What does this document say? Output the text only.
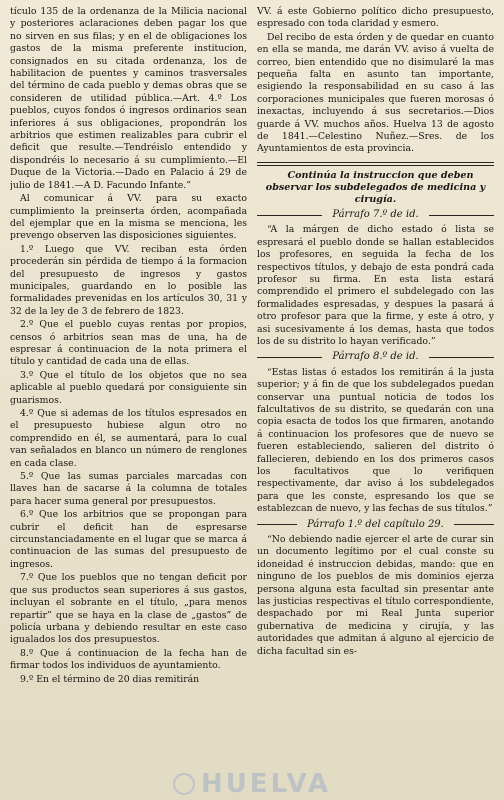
tículo 135 de la ordenanza de la Milicia nacional y posteriores aclaraciones deben pagar los que no sirven en sus filas; y en el de obligaciones los gastos de la misma preferente institucion, consignados en su citada ordenanza, los de habilitacion de puentes y caminos trasversales del término de cada pueblo y demas obras que se consideren de utilidad pública.—Art. 4.º Los pueblos, cuyos fondos ó ingresos ordinarios sean inferiores á sus obligaciones, propondrán los arbitrios que estimen realizables para cubrir el deficit que resulte.—Tendréislo entendido y dispondréis lo necesario á su cumplimiento.—El Duque de la Victoria.—Dado en Palacio á 29 de julio de 1841.—A D. Facundo Infante.”

Al comunicar á VV. para su exacto cumplimiento la preinserta órden, acompañada del ejemplar que en la misma se menciona, les prevengo observen las disposiciones siguientes.

1.º Luego que VV. reciban esta órden procederán sin pérdida de tiempo á la formacion del presupuesto de ingresos y gastos municipales, guardando en lo posible las formalidades prevenidas en los artículos 30, 31 y 32 de la ley de 3 de febrero de 1823.

2.º Que el pueblo cuyas rentas por propios, censos ó arbitrios sean mas de una, ha de espresar á continuacion de la nota primera el título y cantidad de cada una de ellas.

3.º Que el título de los objetos que no sea aplicable al pueblo quedará por consiguiente sin guarismos.

4.º Que si ademas de los títulos espresados en el presupuesto hubiese algun otro no comprendido en él, se aumentará, para lo cual van señalados en blanco un número de renglones en cada clase.

5.º Que las sumas parciales marcadas con llaves han de sacarse á la columna de totales para hacer suma general por presupuestos.

6.º Que los arbitrios que se propongan para cubrir el deficit han de espresarse circunstanciadamente en el lugar que se marca á continuacion de las sumas del presupuesto de ingresos.

7.º Que los pueblos que no tengan deficit por que sus productos sean superiores á sus gastos, incluyan el sobrante en el título, „para menos repartir” que se haya en la clase de „gastos” de policía urbana y debiendo resultar en este caso igualados los dos presupuestos.

8.º Que á continuacion de la fecha han de firmar todos los individuos de ayuntamiento.

9.º En el término de 20 dias remitirán

VV. á este Gobierno político dicho presupuesto, espresado con toda claridad y esmero.

Del recibo de esta órden y de quedar en cuanto en ella se manda, me darán VV. aviso á vuelta de correo, bien entendido que no disimularé la mas pequeña falta en asunto tan importante, esigiendo la responsabilidad en su caso á las corporaciones municipales que fueren morosas ó inexactas, incluyendo á sus secretarios.—Dios guarde á VV. muchos años. Huelva 13 de agosto de 1841.—Celestino Nuñez.—Sres. de los Ayuntamientos de esta provincia.

Continúa la instruccion que deben observar los subdelegados de medicina y cirugía.

Párrafo 7.º de id.

“A la márgen de dicho estado ó lista se espresará el pueblo donde se hallan establecidos los profesores, en seguida la fecha de los respectivos títulos, y debajo de esta pondrá cada profesor su firma. En esta lista estará comprendido el primero el subdelegado con las formalidades espresadas, y despues la pasará á otro profesor para que la firme, y este á otro, y asi sucesivamente á los demas, hasta que todos los de su distrito lo hayan verificado.”

Párrafo 8.º de id.

“Estas listas ó estados los remitirán á la justa superior; y á fin de que los subdelegados puedan conservar una puntual noticia de todos los falcultativos de su distrito, se quedarán con una copia esacta de todos los que firmaren, anotando á continuacion los profesores que de nuevo se fueren estableciendo, salieren del distrito ó fallecieren, debiendo en los dos primeros casos los facultativos que lo verifiquen respectivamente, dar aviso á los subdelegados para que les conste, espresando los que se establezcan de nuevo, y las fechas de sus títulos.”

Párrafo 1.º del capítulo 29.

“No debiendo nadie ejercer el arte de curar sin un documento legítimo por el cual conste su idoneidad é instruccion debidas, mando: que en ninguno de los pueblos de mis dominios ejerza persona alguna esta facultad sin presentar ante las justicias respectivas el título correspondiente, despachado por mi Real Junta superior gubernativa de medicina y cirujía, y las autoridades que admitan á alguno al ejercicio de dicha facultad sin es-

HUELVA
